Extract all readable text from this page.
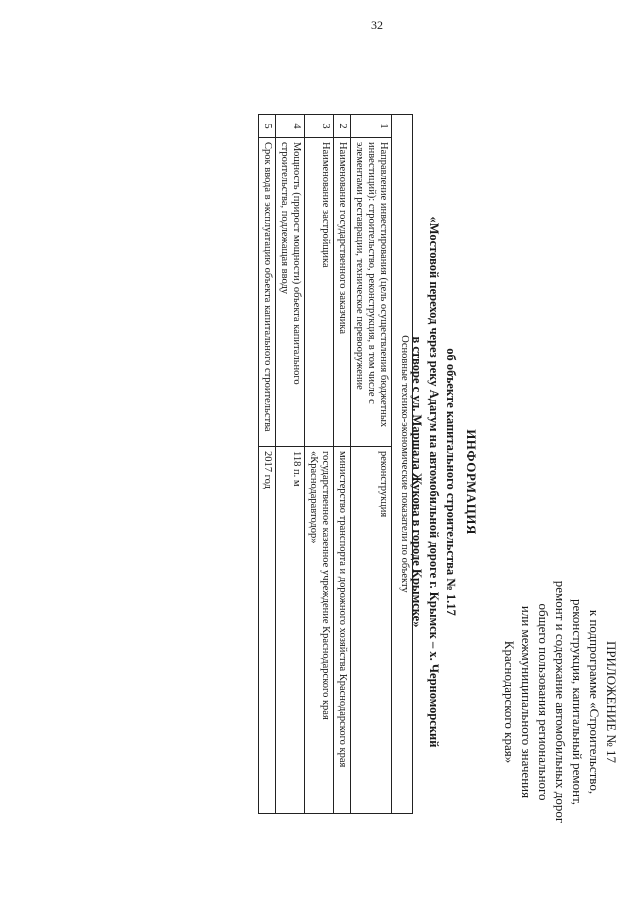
32
ПРИЛОЖЕНИЕ № 17
к подпрограмме «Строительство,
реконструкция, капитальный ремонт,
ремонт и содержание автомобильных дорог
общего пользования регионального
или межмуниципального значения
Краснодарского края»
ИНФОРМАЦИЯ
об объекте капитального строительства № 1.17
«Мостовой переход через реку Адагум на автомобильной дороге г. Крымск – х. Черноморский
в створе с ул. Маршала Жукова в городе Крымске»
Основные технико-экономические показатели по объекту		
1	Направление инвестирования (цель осуществления бюджетных инвестиций): строительство, реконструкция, в том числе с элементами реставрации, техническое перевооружение	реконструкция
2	Наименование государственного заказчика	министерство транспорта и дорожного хозяйства Краснодарского края
3	Наименование застройщика	государственное казенное учреждение Краснодарского края «Краснодаравтодор»
4	Мощность (прирост мощности) объекта капитального строительства, подлежащая вводу	118 п. м
5	Срок ввода в эксплуатацию объекта капитального строительства	2017 год
